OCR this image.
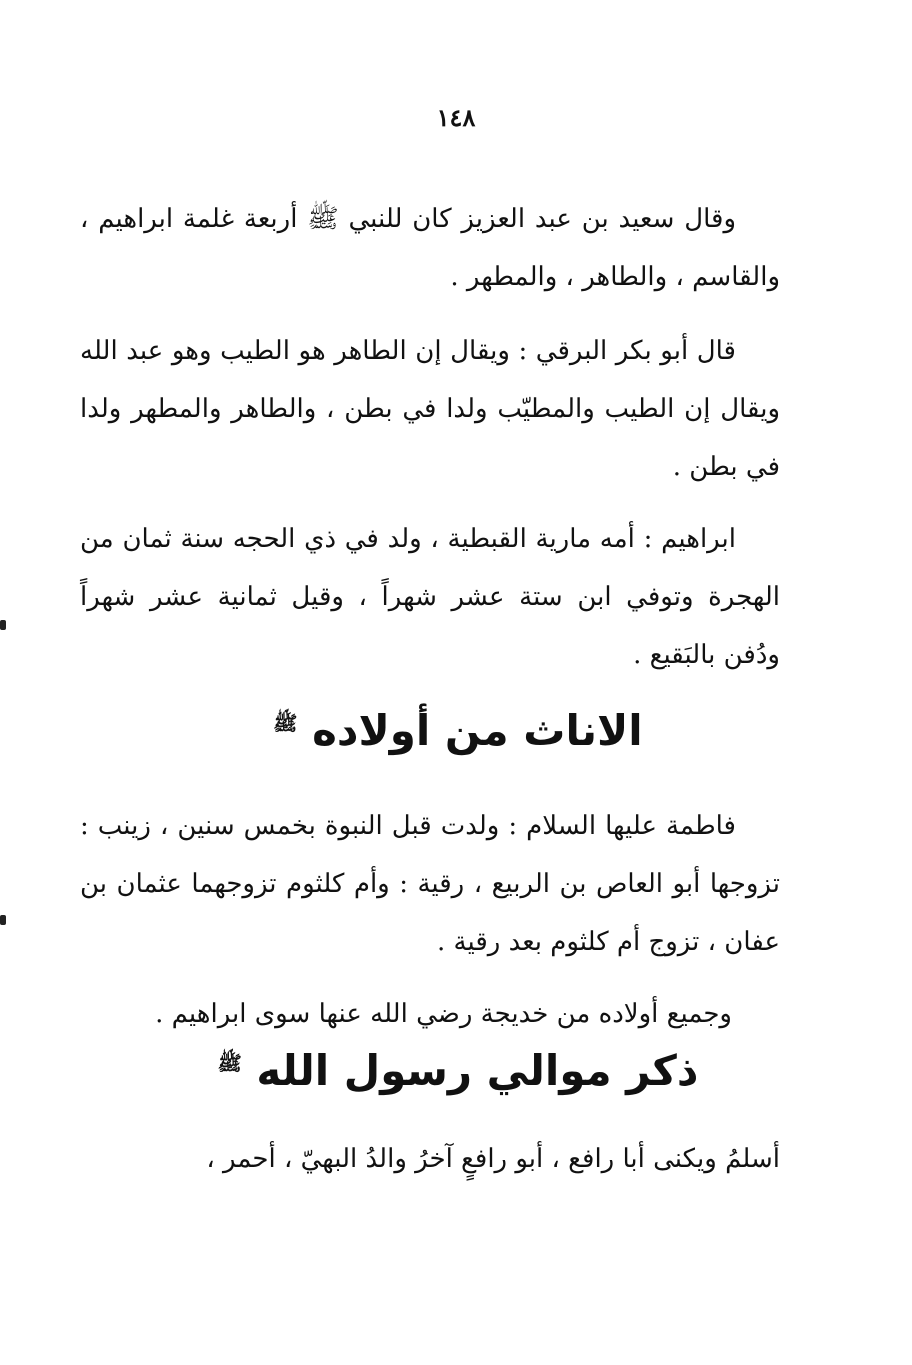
١٤٨

وقال سعيد بن عبد العزيز كان للنبي ﷺ أربعة غلمة ابراهيم ، والقاسم ، والطاهر ، والمطهر .

قال أبو بكر البرقي : ويقال إن الطاهر هو الطيب وهو عبد الله ويقال إن الطيب والمطيّب ولدا في بطن ، والطاهر والمطهر ولدا في بطن .

ابراهيم : أمه مارية القبطية ، ولد في ذي الحجه سنة ثمان من الهجرة وتوفي ابن ستة عشر شهراً ، وقيل ثمانية عشر شهراً ودُفن بالبَقيع .

الاناث من أولاده $^ﷺ$

فاطمة عليها السلام : ولدت قبل النبوة بخمس سنين ، زينب : تزوجها أبو العاص بن الربيع ، رقية : وأم كلثوم تزوجهما عثمان بن عفان ، تزوج أم كلثوم بعد رقية .

وجميع أولاده من خديجة رضي الله عنها سوى ابراهيم .

ذكر موالي رسول الله $^ﷺ$

أسلمُ ويكنى أبا رافع ، أبو رافعٍ آخرُ والدُ البهيّ ، أحمر ،
